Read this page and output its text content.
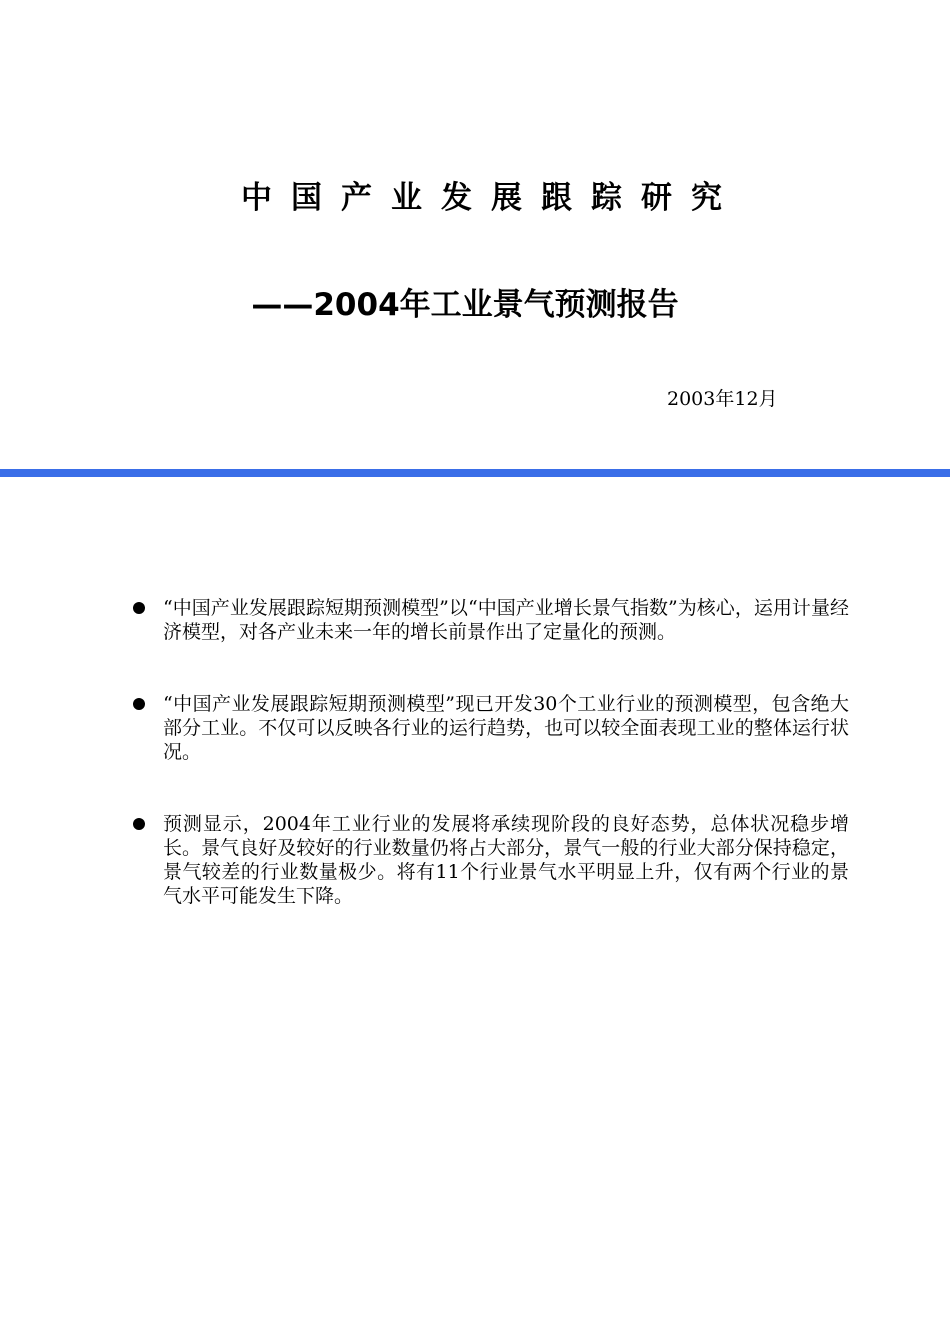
中国产业发展跟踪研究
——2004年工业景气预测报告
2003年12月
“中国产业发展跟踪短期预测模型”以“中国产业增长景气指数”为核心，运用计量经济模型，对各产业未来一年的增长前景作出了定量化的预测。
“中国产业发展跟踪短期预测模型”现已开发30个工业行业的预测模型，包含绝大部分工业。不仅可以反映各行业的运行趋势，也可以较全面表现工业的整体运行状况。
预测显示，2004年工业行业的发展将承续现阶段的良好态势，总体状况稳步增长。景气良好及较好的行业数量仍将占大部分，景气一般的行业大部分保持稳定，景气较差的行业数量极少。将有11个行业景气水平明显上升，仅有两个行业的景气水平可能发生下降。
